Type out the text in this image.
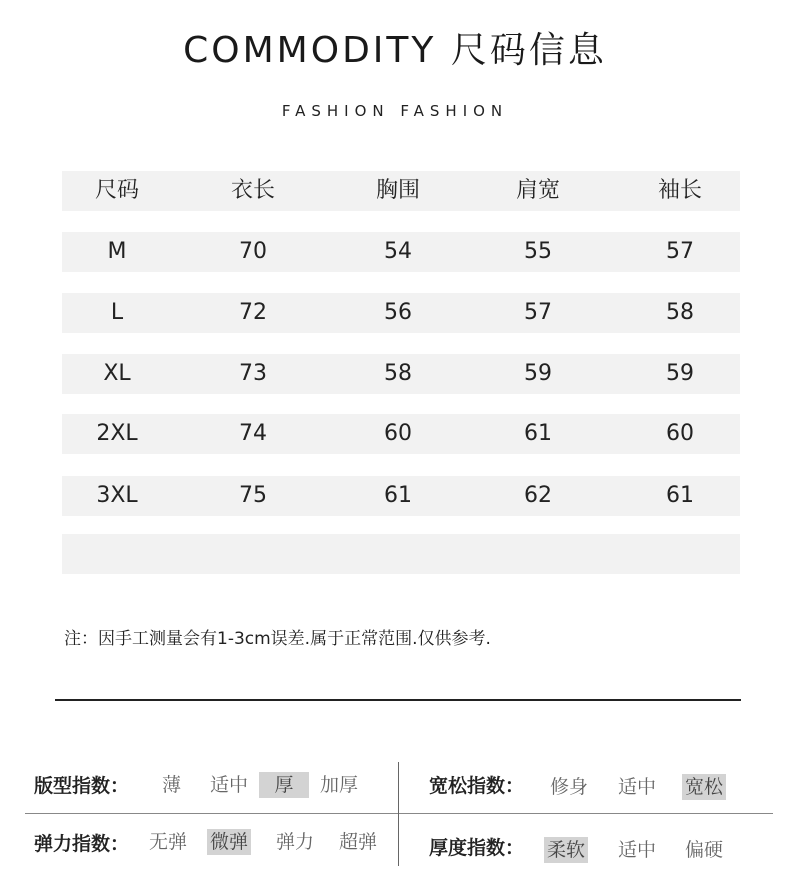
COMMODITY 尺码信息
FASHION FASHION
尺码	衣长	胸围	肩宽	袖长
M	70	54	55	57
L	72	56	57	58
XL	73	58	59	59
2XL	74	60	61	60
3XL	75	61	62	61
注：因手工测量会有1-3cm误差.属于正常范围.仅供参考.
版型指数： 薄 适中	厚	加厚	宽松指数： 修身 适中 宽松
弹力指数： 无弹 微弹 弹力 超弹	厚度指数： 柔软 适中 偏硬
